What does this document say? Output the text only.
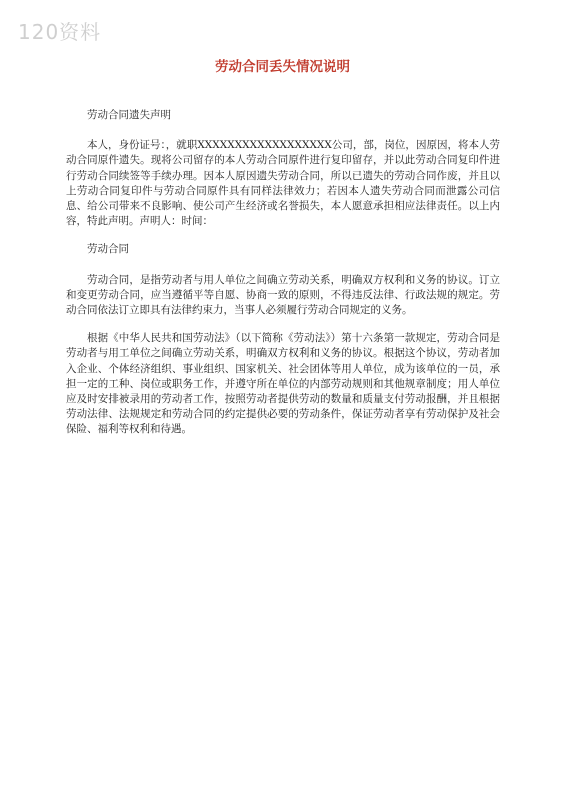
120资料
劳动合同丢失情况说明

劳动合同遗失声明

本人，身份证号：，就职XXXXXXXXXXXXXXXXXX公司，部，岗位，因原因，将本人劳动合同原件遗失。现将公司留存的本人劳动合同原件进行复印留存，并以此劳动合同复印件进行劳动合同续签等手续办理。因本人原因遗失劳动合同，所以已遗失的劳动合同作废，并且以上劳动合同复印件与劳动合同原件具有同样法律效力；若因本人遗失劳动合同而泄露公司信息、给公司带来不良影响、使公司产生经济或名誉损失，本人愿意承担相应法律责任。以上内容，特此声明。声明人：时间：

劳动合同

劳动合同，是指劳动者与用人单位之间确立劳动关系，明确双方权利和义务的协议。订立和变更劳动合同，应当遵循平等自愿、协商一致的原则，不得违反法律、行政法规的规定。劳动合同依法订立即具有法律约束力，当事人必须履行劳动合同规定的义务。

根据《中华人民共和国劳动法》（以下简称《劳动法》）第十六条第一款规定，劳动合同是劳动者与用工单位之间确立劳动关系，明确双方权利和义务的协议。根据这个协议，劳动者加入企业、个体经济组织、事业组织、国家机关、社会团体等用人单位，成为该单位的一员，承担一定的工种、岗位或职务工作，并遵守所在单位的内部劳动规则和其他规章制度；用人单位应及时安排被录用的劳动者工作，按照劳动者提供劳动的数量和质量支付劳动报酬，并且根据劳动法律、法规规定和劳动合同的约定提供必要的劳动条件，保证劳动者享有劳动保护及社会保险、福利等权利和待遇。
